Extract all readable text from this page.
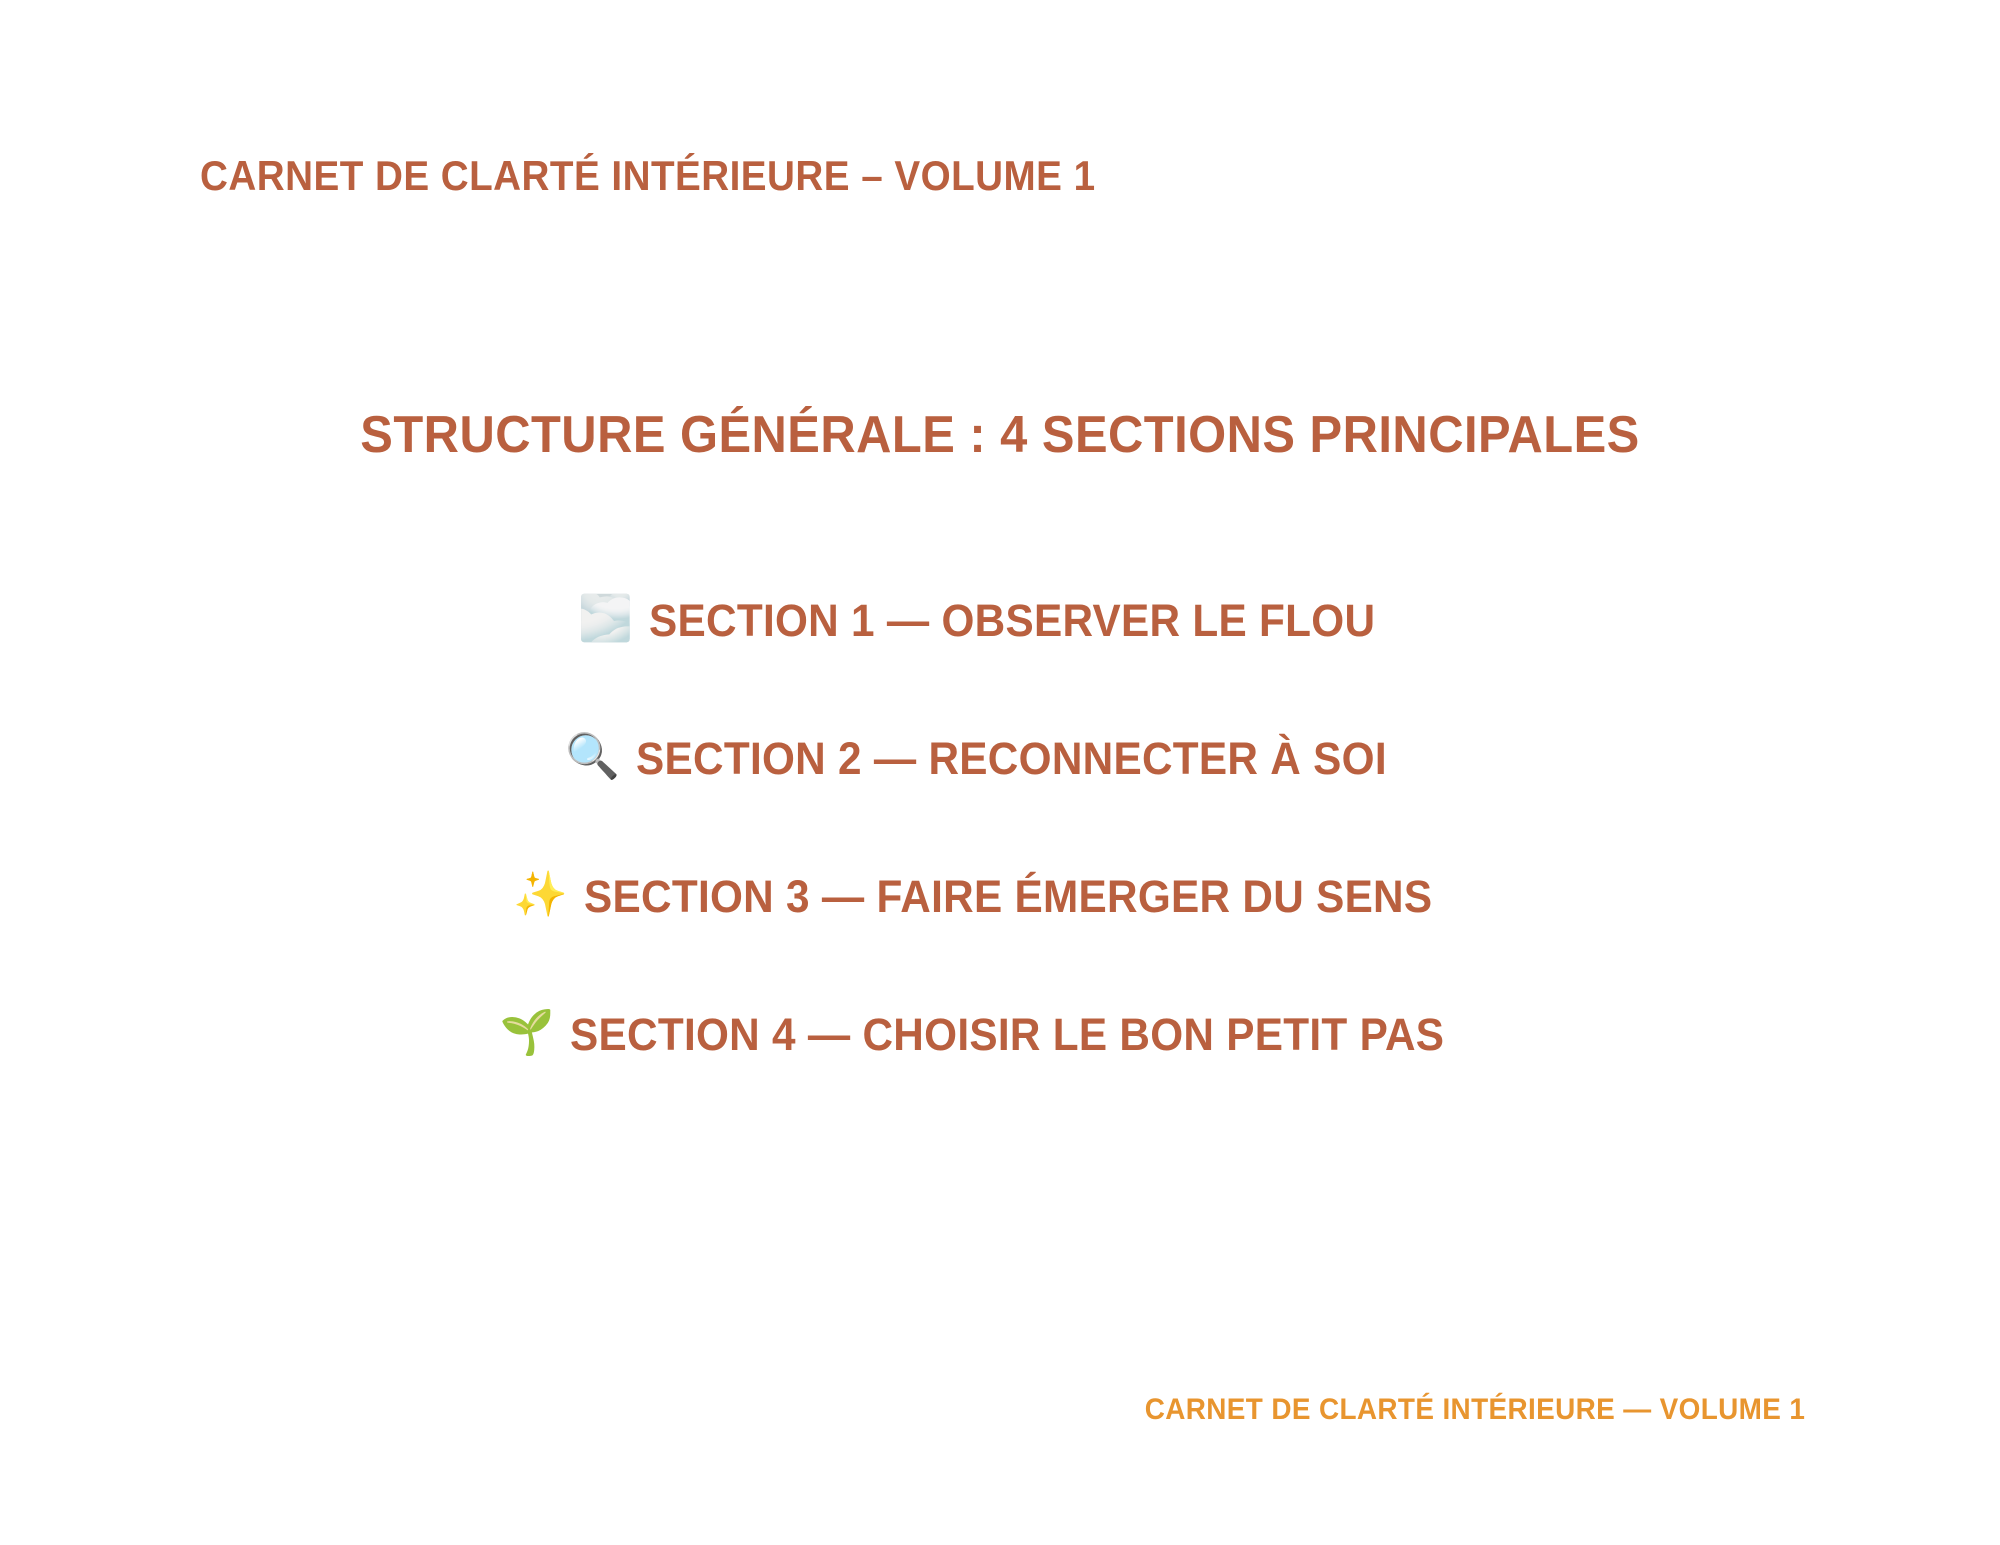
CARNET DE CLARTÉ INTÉRIEURE – VOLUME 1
STRUCTURE GÉNÉRALE : 4 SECTIONS PRINCIPALES
🌫️ SECTION 1 — OBSERVER LE FLOU
🔍 SECTION 2 — RECONNECTER À SOI
✨ SECTION 3 — FAIRE ÉMERGER DU SENS
🌱 SECTION 4 — CHOISIR LE BON PETIT PAS
CARNET DE CLARTÉ INTÉRIEURE — VOLUME 1
